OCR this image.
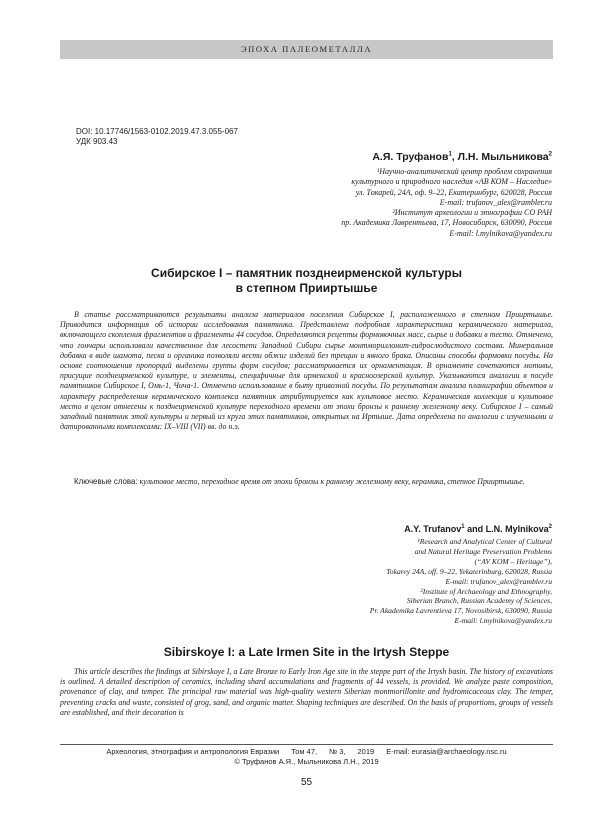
ЭПОХА ПАЛЕОМЕТАЛЛА
DOI: 10.17746/1563-0102.2019.47.3.055-067
УДК 903.43
А.Я. Труфанов$^1$, Л.Н. Мыльникова$^2$
¹Научно-аналитический центр проблем сохранения
культурного и природного наследия «АВ КОМ – Наследие»
ул. Токарей, 24А, оф. 9–22, Екатеринбург, 620028, Россия
E-mail: trufanov_alex@rambler.ru
²Институт археологии и этнографии СО РАН
пр. Академика Лаврентьева, 17, Новосибирск, 630090, Россия
E-mail: l.mylnikova@yandex.ru
Сибирское I – памятник позднеирменской культуры
в степном Прииртышье

В статье рассматриваются результаты анализа материалов поселения Сибирское I, расположенного в степном Прииртышье. Приводится информация об истории исследования памятника. Представлена подробная характеристика керамического материала, включающего скопления фрагментов и фрагменты 44 сосудов. Определяются рецепты формовочных масс, сырье и добавки в тесто. Отмечено, что гончары использовали качественное для лесостепи Западной Сибири сырье монтмориллонит-гидрослюдистого состава. Минеральная добавка в виде шамота, песка и органика позволяли вести обжиг изделий без трещин и явного брака. Описаны способы формовки посуды. На основе соотношения пропорций выделены группы форм сосудов; рассматривается их орнаментация. В орнаменте сочетаются мотивы, присущие позднеирменской культуре, и элементы, специфичные для ирменской и красноозерской культур. Указываются аналогии в посуде памятников Сибирское I, Омь-1, Чича-1. Отмечено использование в быту привозной посуды. По результатам анализа планиграфии объектов и характеру распределения керамического комплекса памятник атрибутируется как культовое место. Керамическая коллекция и культовое место в целом отнесены к позднеирменской культуре переходного времени от эпохи бронзы к раннему железному веку. Сибирское I – самый западный памятник этой культуры и первый из круга этих памятников, открытых на Иртыше. Дата определена по аналогии с изученными и датированными комплексами: IX–VIII (VII) вв. до н.э.

Ключевые слова: культовое место, переходное время от эпохи бронзы к раннему железному веку, керамика, степное Прииртышье.

A.Y. Trufanov$^1$ and L.N. Mylnikova$^2$
¹Research and Analytical Center of Cultural
and Natural Heritage Preservation Problems
(“AV KOM – Heritage”),
Tokarey 24A, off. 9–22, Yekaterinburg, 620028, Russia
E-mail: trufanov_alex@rambler.ru
²Institute of Archaeology and Ethnography,
Siberian Branch, Russian Academy of Sciences,
Pr. Akademika Lavrentieva 17, Novosibirsk, 630090, Russia
E-mail: l.mylnikova@yandex.ru
Sibirskoye I: a Late Irmen Site in the Irtysh Steppe

This article describes the findings at Sibirskoye I, a Late Bronze to Early Iron Age site in the steppe part of the Irtysh basin. The history of excavations is outlined. A detailed description of ceramics, including shard accumulations and fragments of 44 vessels, is provided. We analyze paste composition, provenance of clay, and temper. The principal raw material was high-quality western Siberian montmorillonite and hydromicaceous clay. The temper, preventing cracks and waste, consisted of grog, sand, and organic matter. Shaping techniques are described. On the basis of proportions, groups of vessels are established, and their decoration is

Археология, этнография и антропология Евразии Том 47, № 3, 2019 E-mail: eurasia@archaeology.nsc.ru
© Труфанов А.Я., Мыльникова Л.Н., 2019
55
